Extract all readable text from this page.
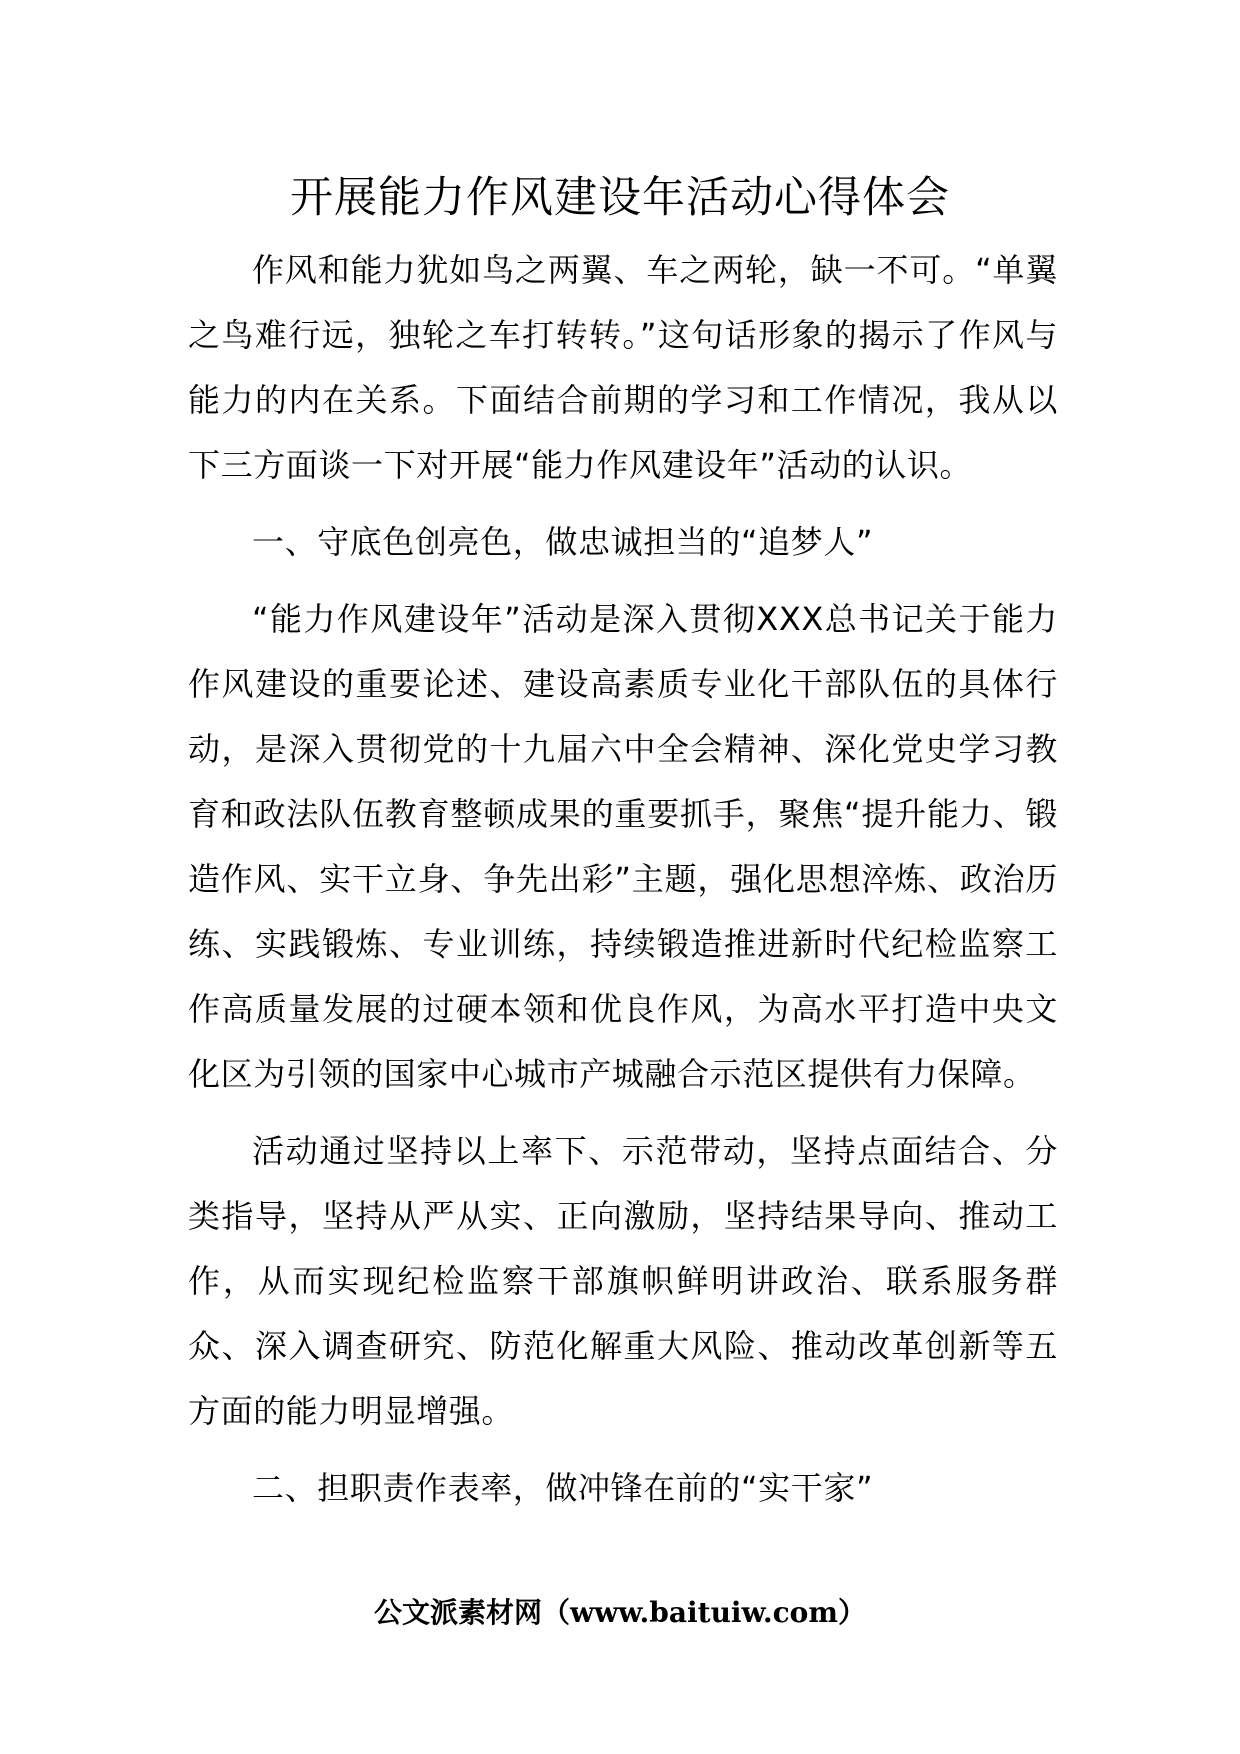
开展能力作风建设年活动心得体会

作风和能力犹如鸟之两翼、车之两轮，缺一不可。“单翼之鸟难行远，独轮之车打转转。”这句话形象的揭示了作风与能力的内在关系。下面结合前期的学习和工作情况，我从以下三方面谈一下对开展“能力作风建设年”活动的认识。

一、守底色创亮色，做忠诚担当的“追梦人”

“能力作风建设年”活动是深入贯彻XXX总书记关于能力作风建设的重要论述、建设高素质专业化干部队伍的具体行动，是深入贯彻党的十九届六中全会精神、深化党史学习教育和政法队伍教育整顿成果的重要抓手，聚焦“提升能力、锻造作风、实干立身、争先出彩”主题，强化思想淬炼、政治历练、实践锻炼、专业训练，持续锻造推进新时代纪检监察工作高质量发展的过硬本领和优良作风，为高水平打造中央文化区为引领的国家中心城市产城融合示范区提供有力保障。

活动通过坚持以上率下、示范带动，坚持点面结合、分类指导，坚持从严从实、正向激励，坚持结果导向、推动工作，从而实现纪检监察干部旗帜鲜明讲政治、联系服务群众、深入调查研究、防范化解重大风险、推动改革创新等五方面的能力明显增强。

二、担职责作表率，做冲锋在前的“实干家”

公文派素材网（www.baituiw.com）
